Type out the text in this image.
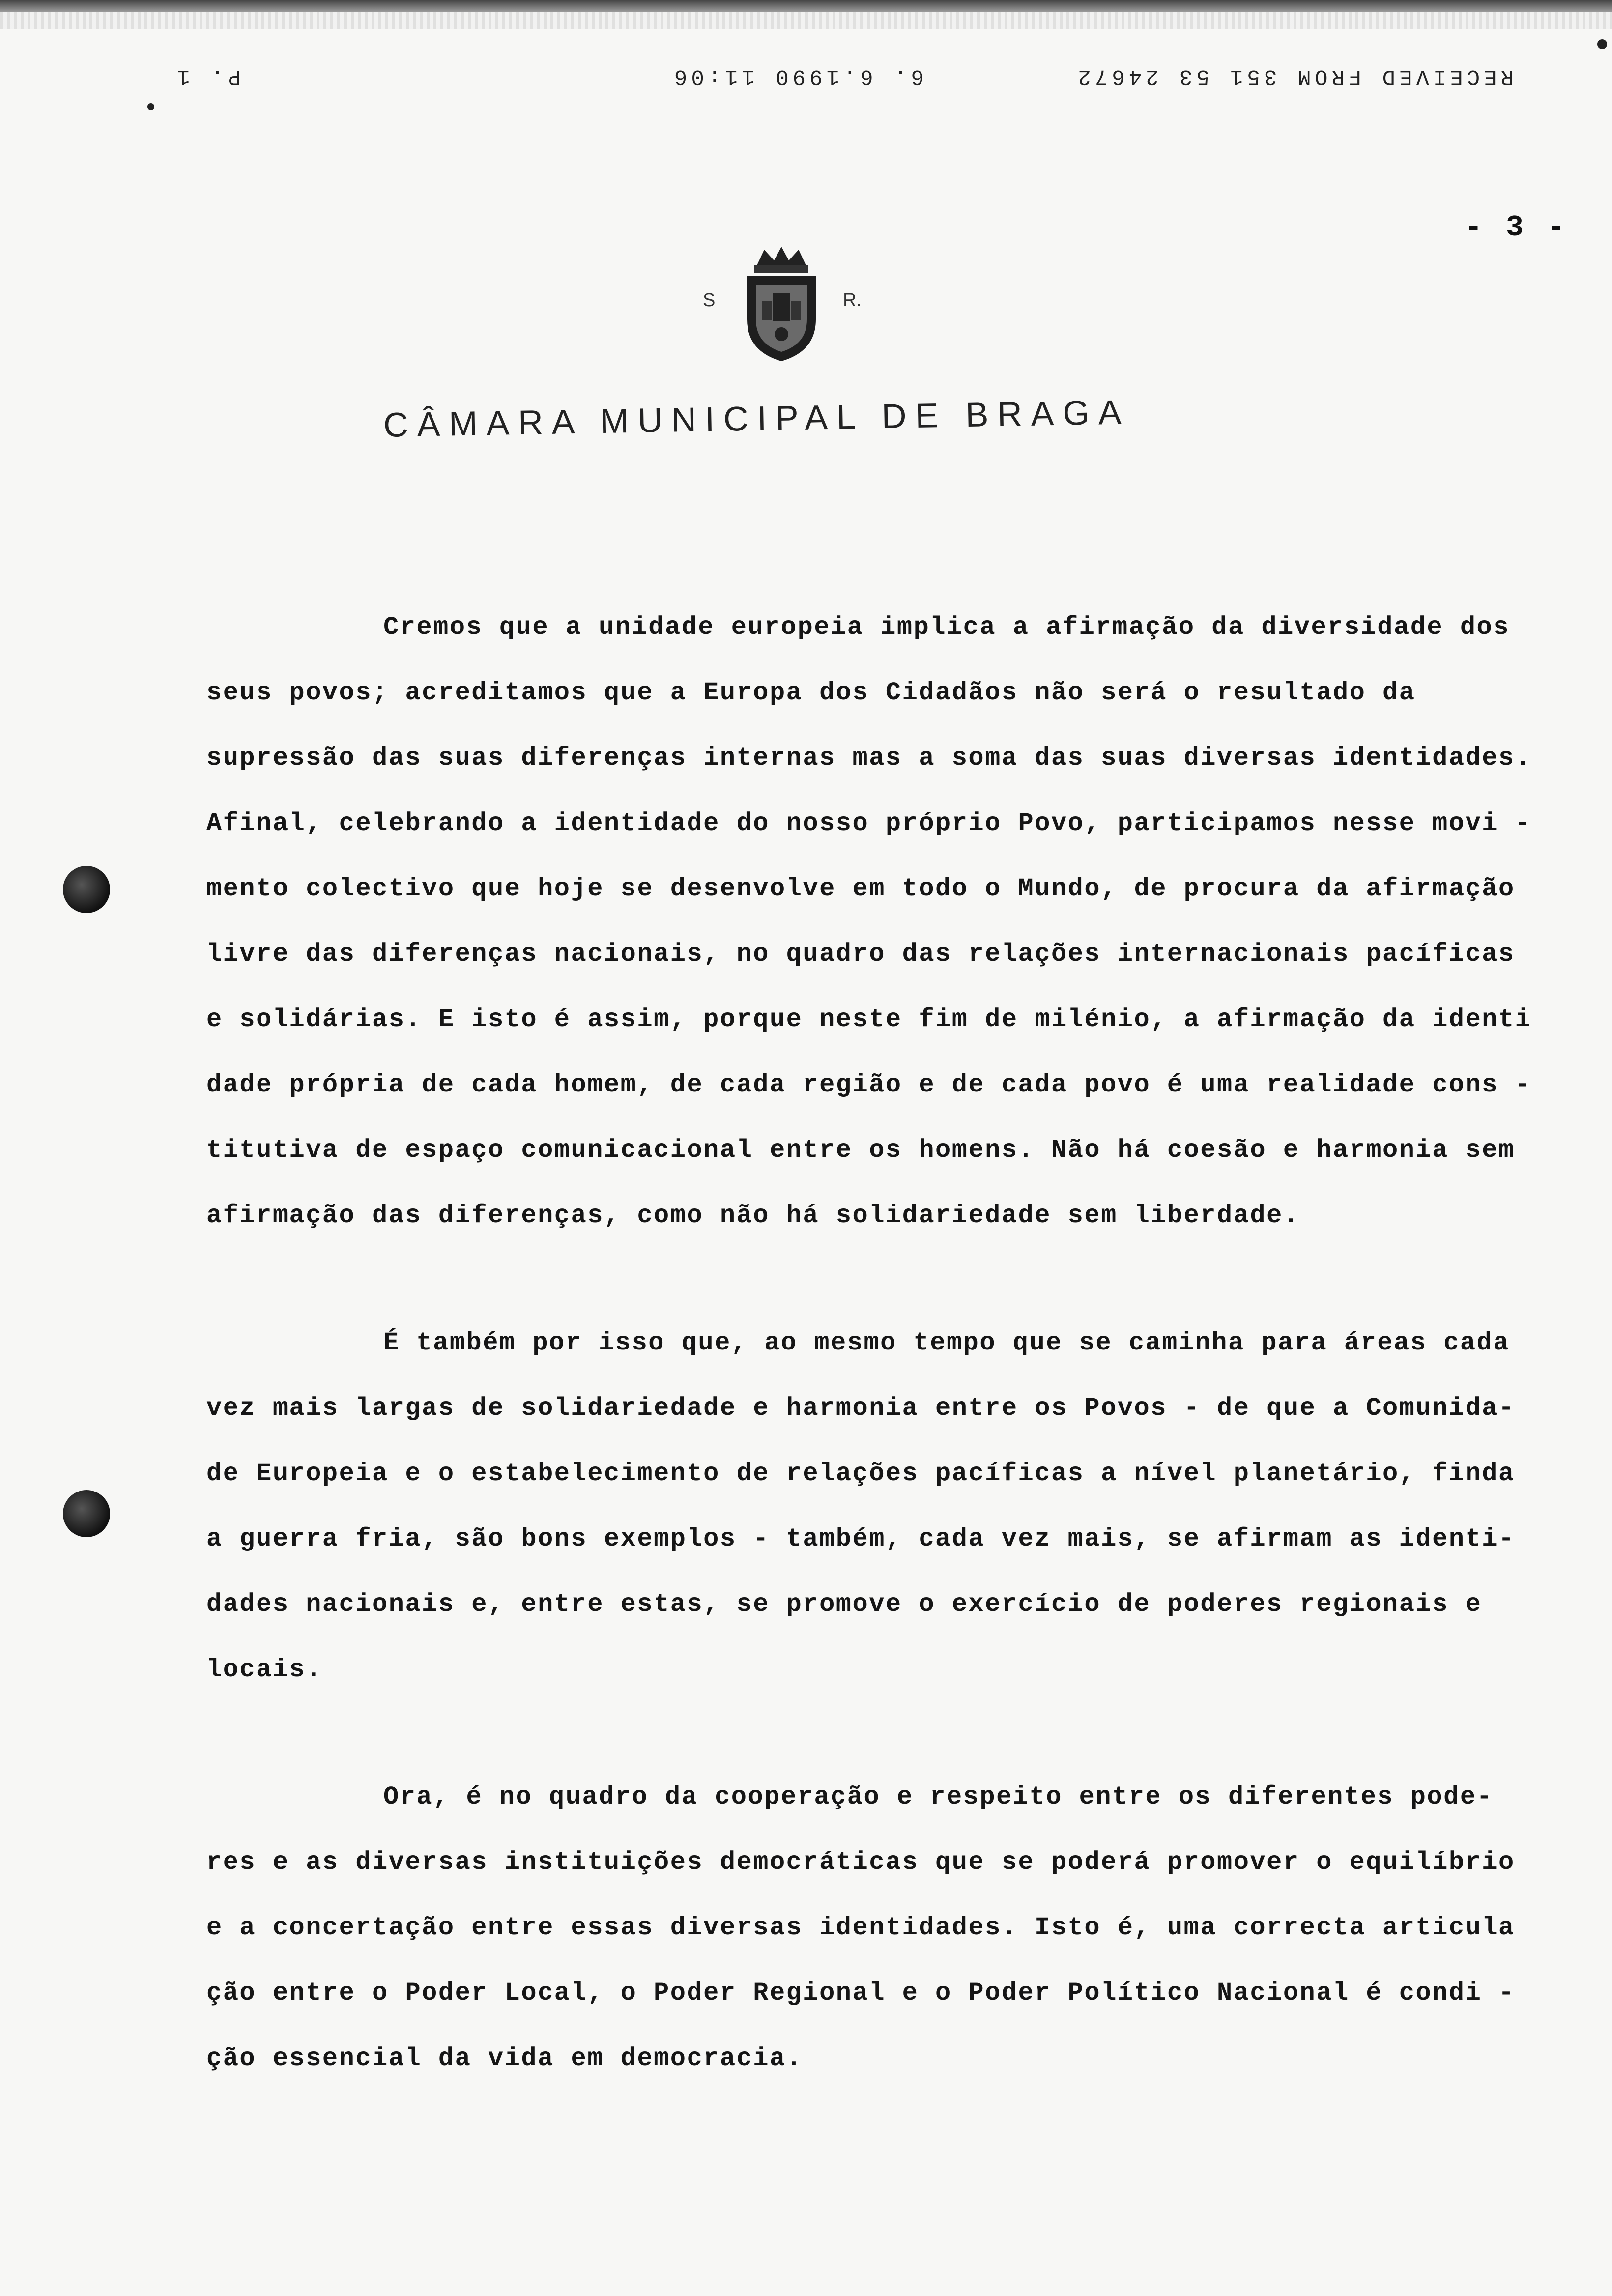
RECEIVED FROM 351 53 24672
6. 6.1990 11:06
P. 1
- 3 -
S	R.
CÂMARA MUNICIPAL DE BRAGA
Cremos que a unidade europeia implica a afirmação da diversidade dos
seus povos; acreditamos que a Europa dos Cidadãos não será o resultado da
supressão das suas diferenças internas mas a soma das suas diversas identidades.
Afinal, celebrando a identidade do nosso próprio Povo, participamos nesse movi -
mento colectivo que hoje se desenvolve em todo o Mundo, de procura da afirmação
livre das diferenças nacionais, no quadro das relações internacionais pacíficas
e solidárias. E isto é assim, porque neste fim de milénio, a afirmação da identi
dade própria de cada homem, de cada região e de cada povo é uma realidade cons -
titutiva de espaço comunicacional entre os homens. Não há coesão e harmonia sem
afirmação das diferenças, como não há solidariedade sem liberdade.
É também por isso que, ao mesmo tempo que se caminha para áreas cada
vez mais largas de solidariedade e harmonia entre os Povos - de que a Comunida-
de Europeia e o estabelecimento de relações pacíficas a nível planetário, finda
a guerra fria, são bons exemplos - também, cada vez mais, se afirmam as identi-
dades nacionais e, entre estas, se promove o exercício de poderes regionais e
locais.
Ora, é no quadro da cooperação e respeito entre os diferentes pode-
res e as diversas instituições democráticas que se poderá promover o equilíbrio
e a concertação entre essas diversas identidades. Isto é, uma correcta articula
ção entre o Poder Local, o Poder Regional e o Poder Político Nacional é condi -
ção essencial da vida em democracia.
